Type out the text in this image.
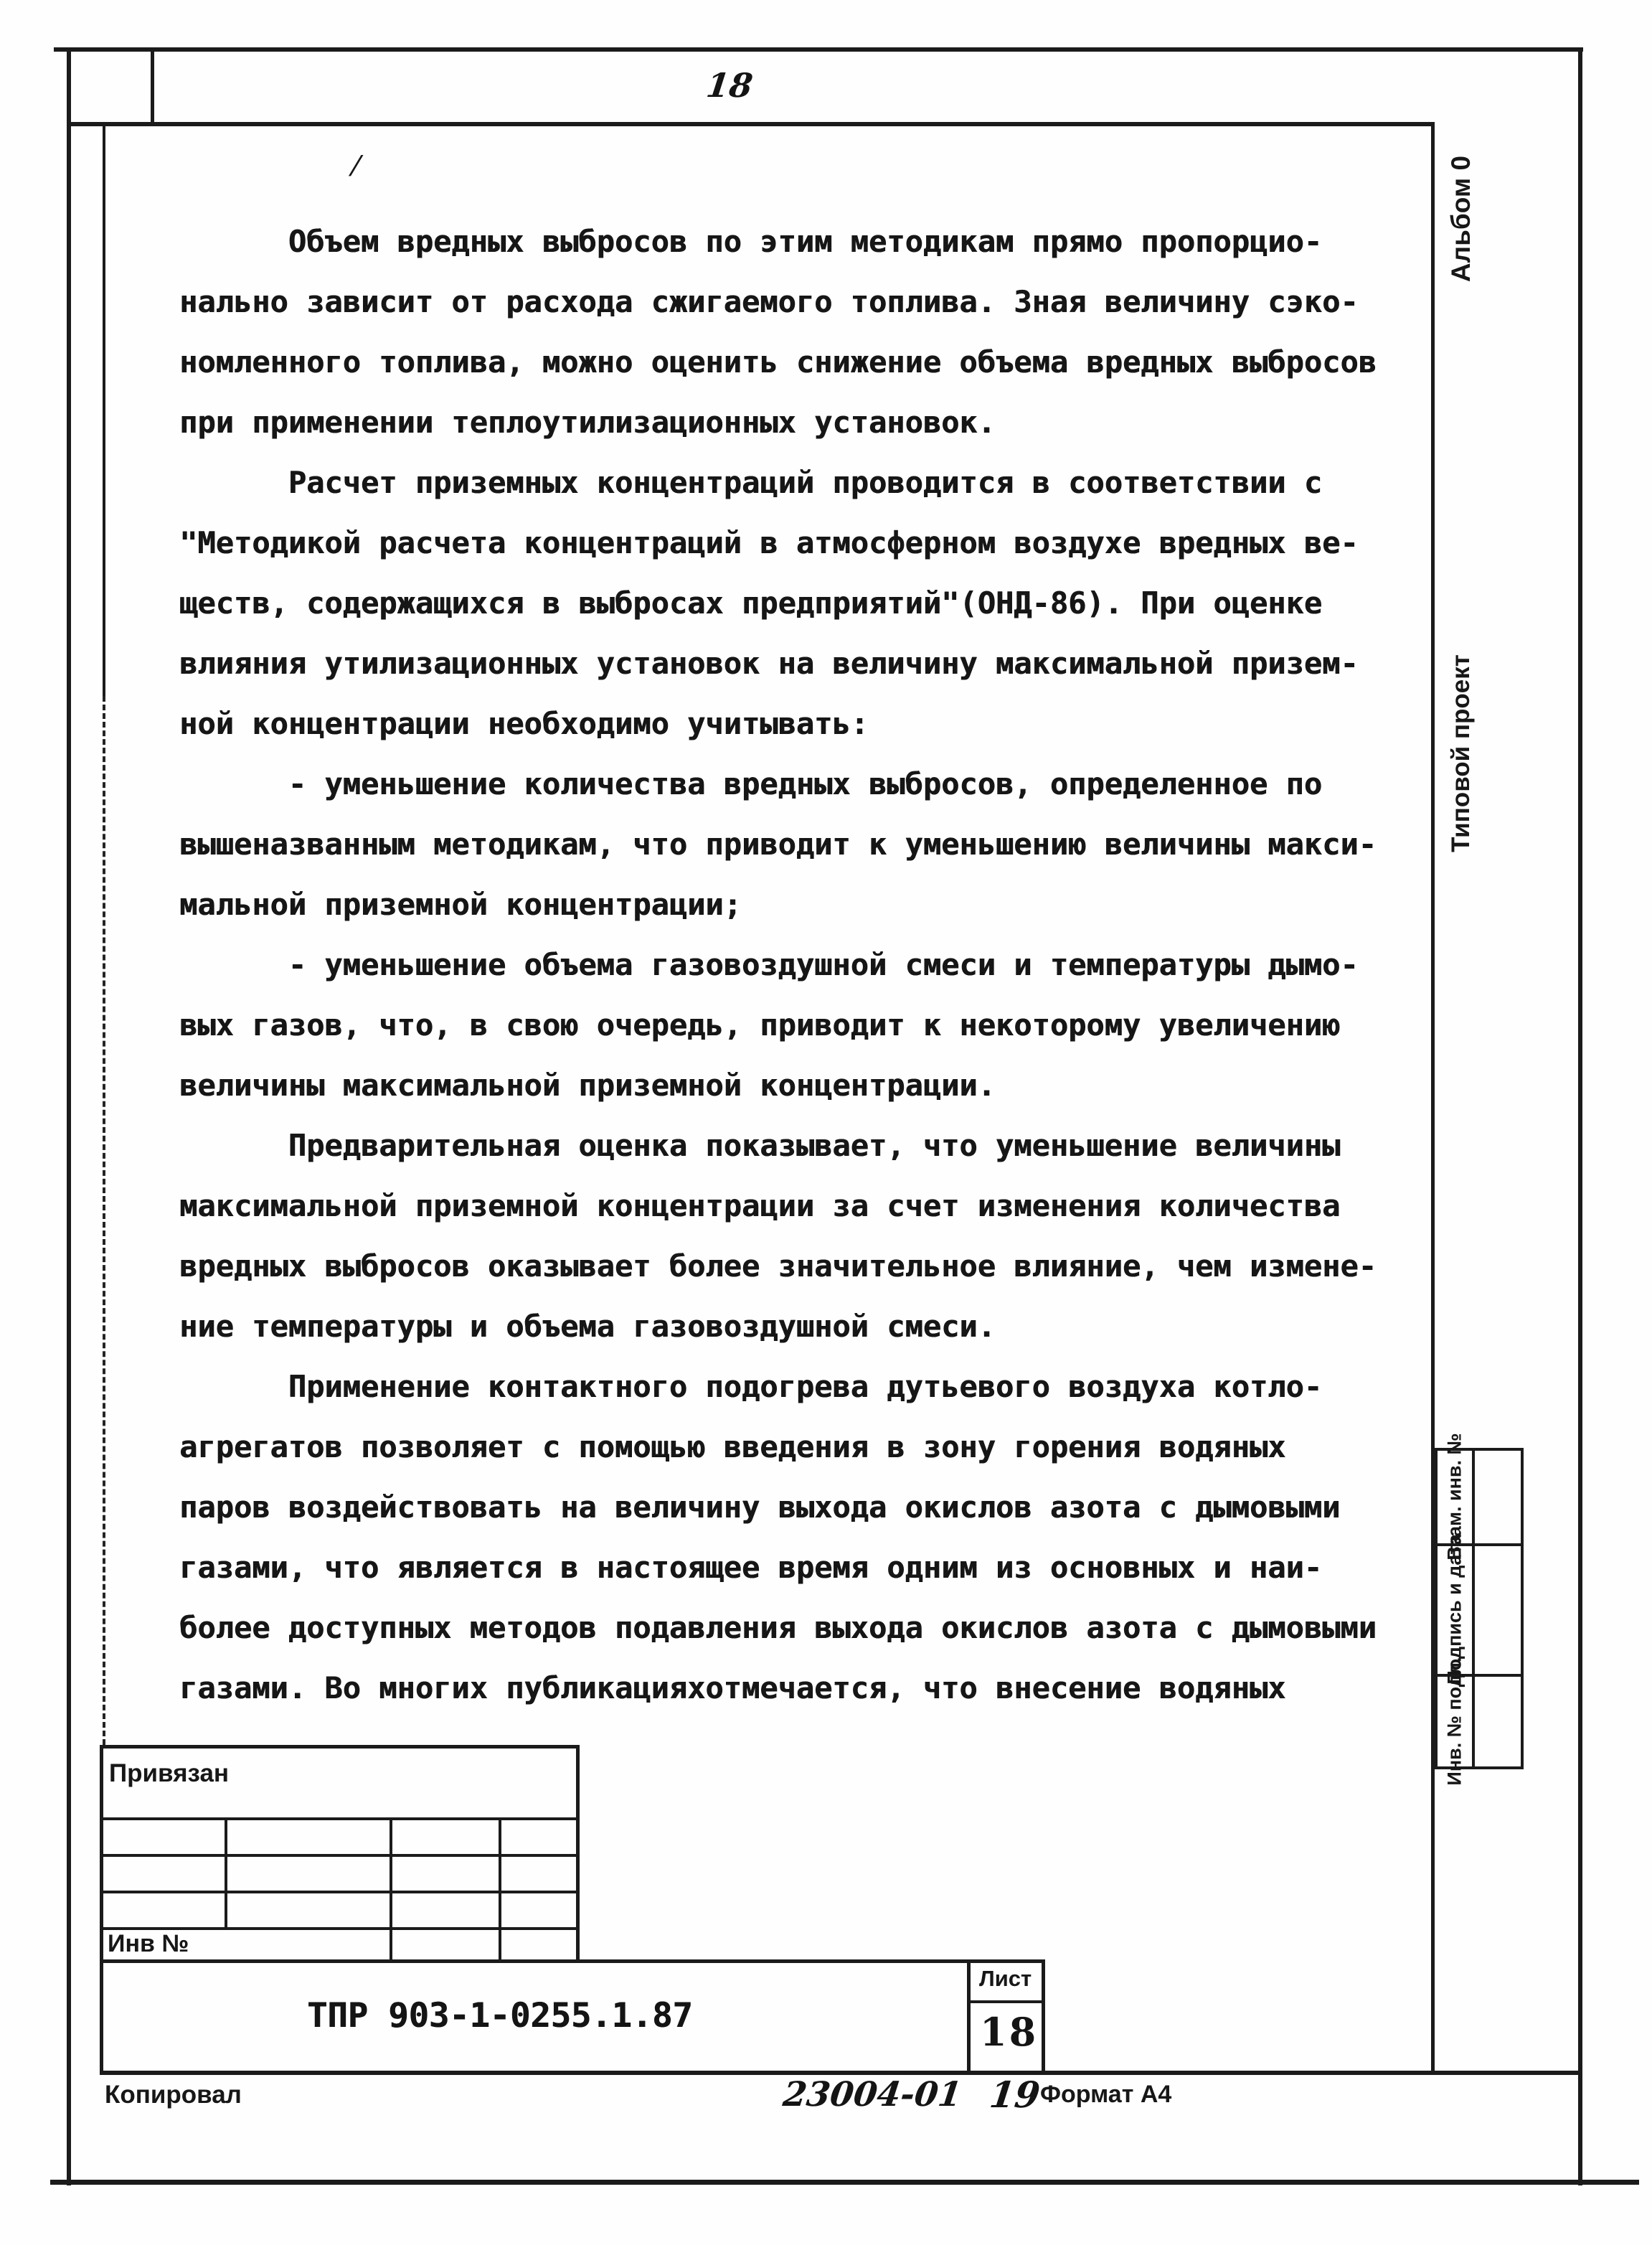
18
/
Объем вредных выбросов по этим методикам прямо пропорцио-
нально зависит от расхода сжигаемого топлива. Зная величину сэко-
номленного топлива, можно оценить снижение объема вредных выбросов
при применении теплоутилизационных установок.
Расчет приземных концентраций проводится в соответствии с
"Методикой расчета концентраций в атмосферном воздухе вредных ве-
ществ, содержащихся в выбросах предприятий"(ОНД-86). При оценке
влияния утилизационных установок на величину максимальной призем-
ной концентрации необходимо учитывать:
- уменьшение количества вредных выбросов, определенное по
вышеназванным методикам, что приводит к уменьшению величины макси-
мальной приземной концентрации;
- уменьшение объема газовоздушной смеси и температуры дымо-
вых газов, что, в свою очередь, приводит к некоторому увеличению
величины максимальной приземной концентрации.
Предварительная оценка показывает, что уменьшение величины
максимальной приземной концентрации за счет изменения количества
вредных выбросов оказывает более значительное влияние, чем измене-
ние температуры и объема газовоздушной смеси.
Применение контактного подогрева дутьевого воздуха котло-
агрегатов позволяет с помощью введения в зону горения водяных
паров воздействовать на величину выхода окислов азота с дымовыми
газами, что является в настоящее время одним из основных и наи-
более доступных методов подавления выхода окислов азота с дымовыми
газами. Во многих публикацияхотмечается, что внесение водяных
Альбом 0
Типовой проект
Взам. инв. №
Подпись и дата
Инв. № подл.
Привязан
Инв №
ТПР 903-1-0255.1.87
Лист
18
Копировал	23004-01 19
Формат А4
